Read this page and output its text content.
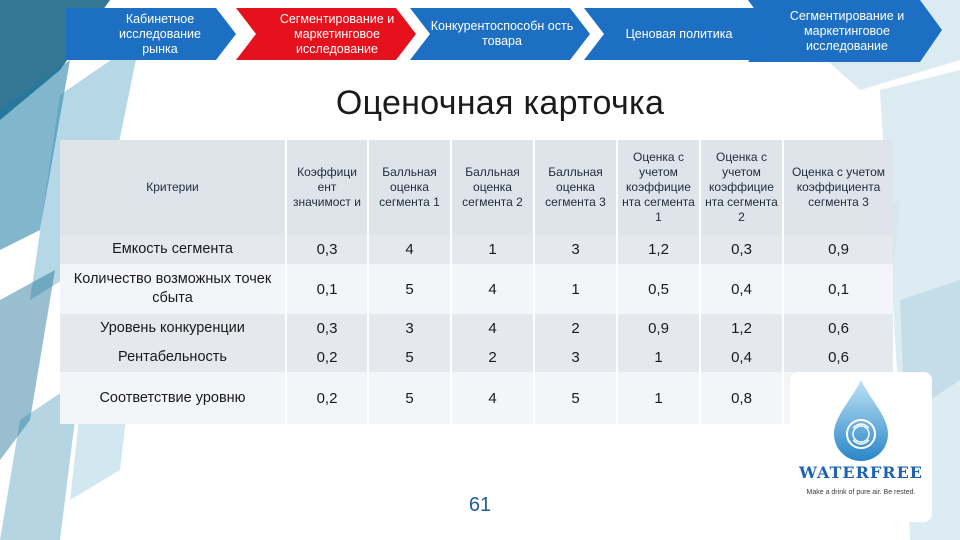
Кабинетное исследование рынка
Сегментирование и маркетинговое исследование
Конкурентоспособн ость товара
Ценовая политика
Сегментирование и маркетинговое исследование
Оценочная карточка
Критерии	Коэффици ент значимост и	Балльная оценка сегмента 1	Балльная оценка сегмента 2	Балльная оценка сегмента 3	Оценка с учетом коэффицие нта сегмента 1	Оценка с учетом коэффицие нта сегмента 2	Оценка с учетом коэффициента сегмента 3
Емкость сегмента	0,3	4	1	3	1,2	0,3	0,9
Количество возможных точек сбыта	0,1	5	4	1	0,5	0,4	0,1
Уровень конкуренции	0,3	3	4	2	0,9	1,2	0,6
Рентабельность	0,2	5	2	3	1	0,4	0,6
Соответствие уровню	0,2	5	4	5	1	0,8	
61
WATERFREE
Make a drink of pure air. Be rested.
